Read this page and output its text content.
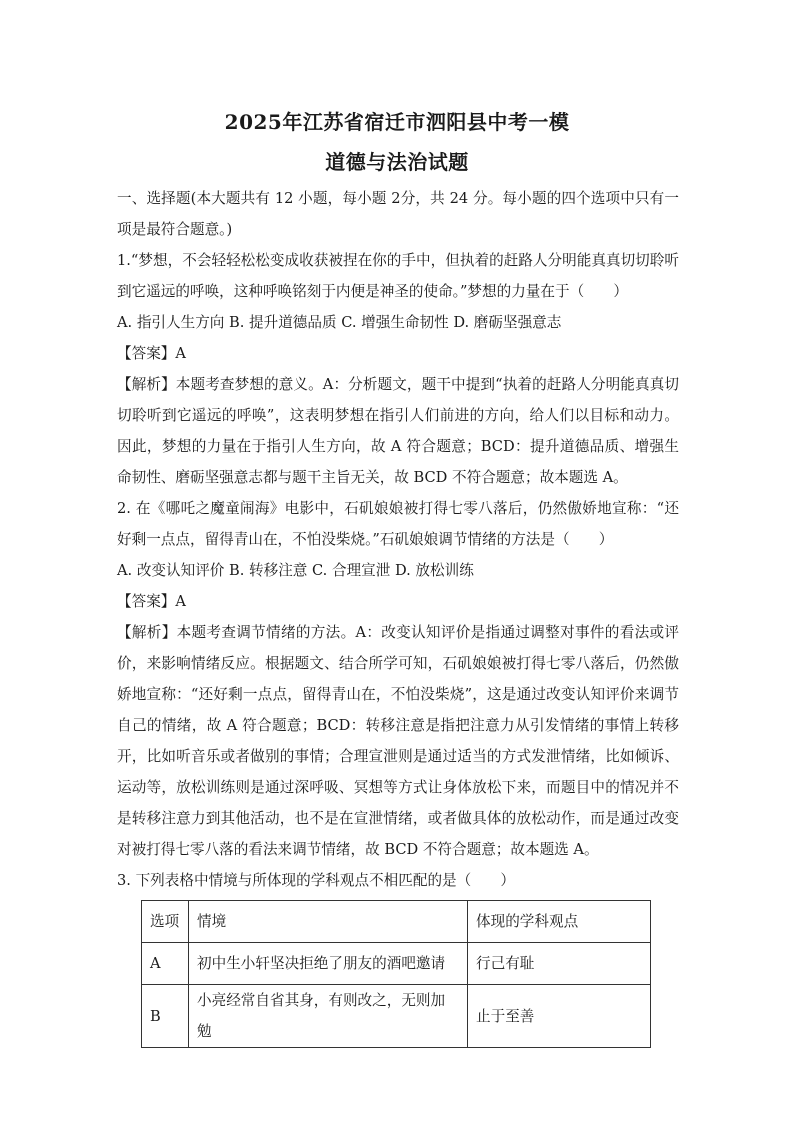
2025年江苏省宿迁市泗阳县中考一模
道德与法治试题

一、选择题(本大题共有 12 小题，每小题 2分，共 24 分。每小题的四个选项中只有一项是最符合题意。)

1.“梦想，不会轻轻松松变成收获被捏在你的手中，但执着的赶路人分明能真真切切聆听到它遥远的呼唤，这种呼唤铭刻于内便是神圣的使命。”梦想的力量在于（　　）

A. 指引人生方向 B. 提升道德品质 C. 增强生命韧性 D. 磨砺坚强意志

【答案】A

【解析】本题考查梦想的意义。A：分析题文，题干中提到“执着的赶路人分明能真真切切聆听到它遥远的呼唤”，这表明梦想在指引人们前进的方向，给人们以目标和动力。因此，梦想的力量在于指引人生方向，故 A 符合题意；BCD：提升道德品质、增强生命韧性、磨砺坚强意志都与题干主旨无关，故 BCD 不符合题意；故本题选 A。

2. 在《哪吒之魔童闹海》电影中，石矶娘娘被打得七零八落后，仍然傲娇地宣称：“还好剩一点点，留得青山在，不怕没柴烧。”石矶娘娘调节情绪的方法是（　　）

A. 改变认知评价 B. 转移注意 C. 合理宣泄 D. 放松训练

【答案】A

【解析】本题考查调节情绪的方法。A：改变认知评价是指通过调整对事件的看法或评价，来影响情绪反应。根据题文、结合所学可知，石矶娘娘被打得七零八落后，仍然傲娇地宣称：“还好剩一点点，留得青山在，不怕没柴烧”，这是通过改变认知评价来调节自己的情绪，故 A 符合题意；BCD：转移注意是指把注意力从引发情绪的事情上转移开，比如听音乐或者做别的事情；合理宣泄则是通过适当的方式发泄情绪，比如倾诉、运动等，放松训练则是通过深呼吸、冥想等方式让身体放松下来，而题目中的情况并不是转移注意力到其他活动，也不是在宣泄情绪，或者做具体的放松动作，而是通过改变对被打得七零八落的看法来调节情绪，故 BCD 不符合题意；故本题选 A。

3. 下列表格中情境与所体现的学科观点不相匹配的是（　　）

选项	情境	体现的学科观点
A	初中生小轩坚决拒绝了朋友的酒吧邀请	行己有耻
B	小亮经常自省其身，有则改之，无则加勉	止于至善
